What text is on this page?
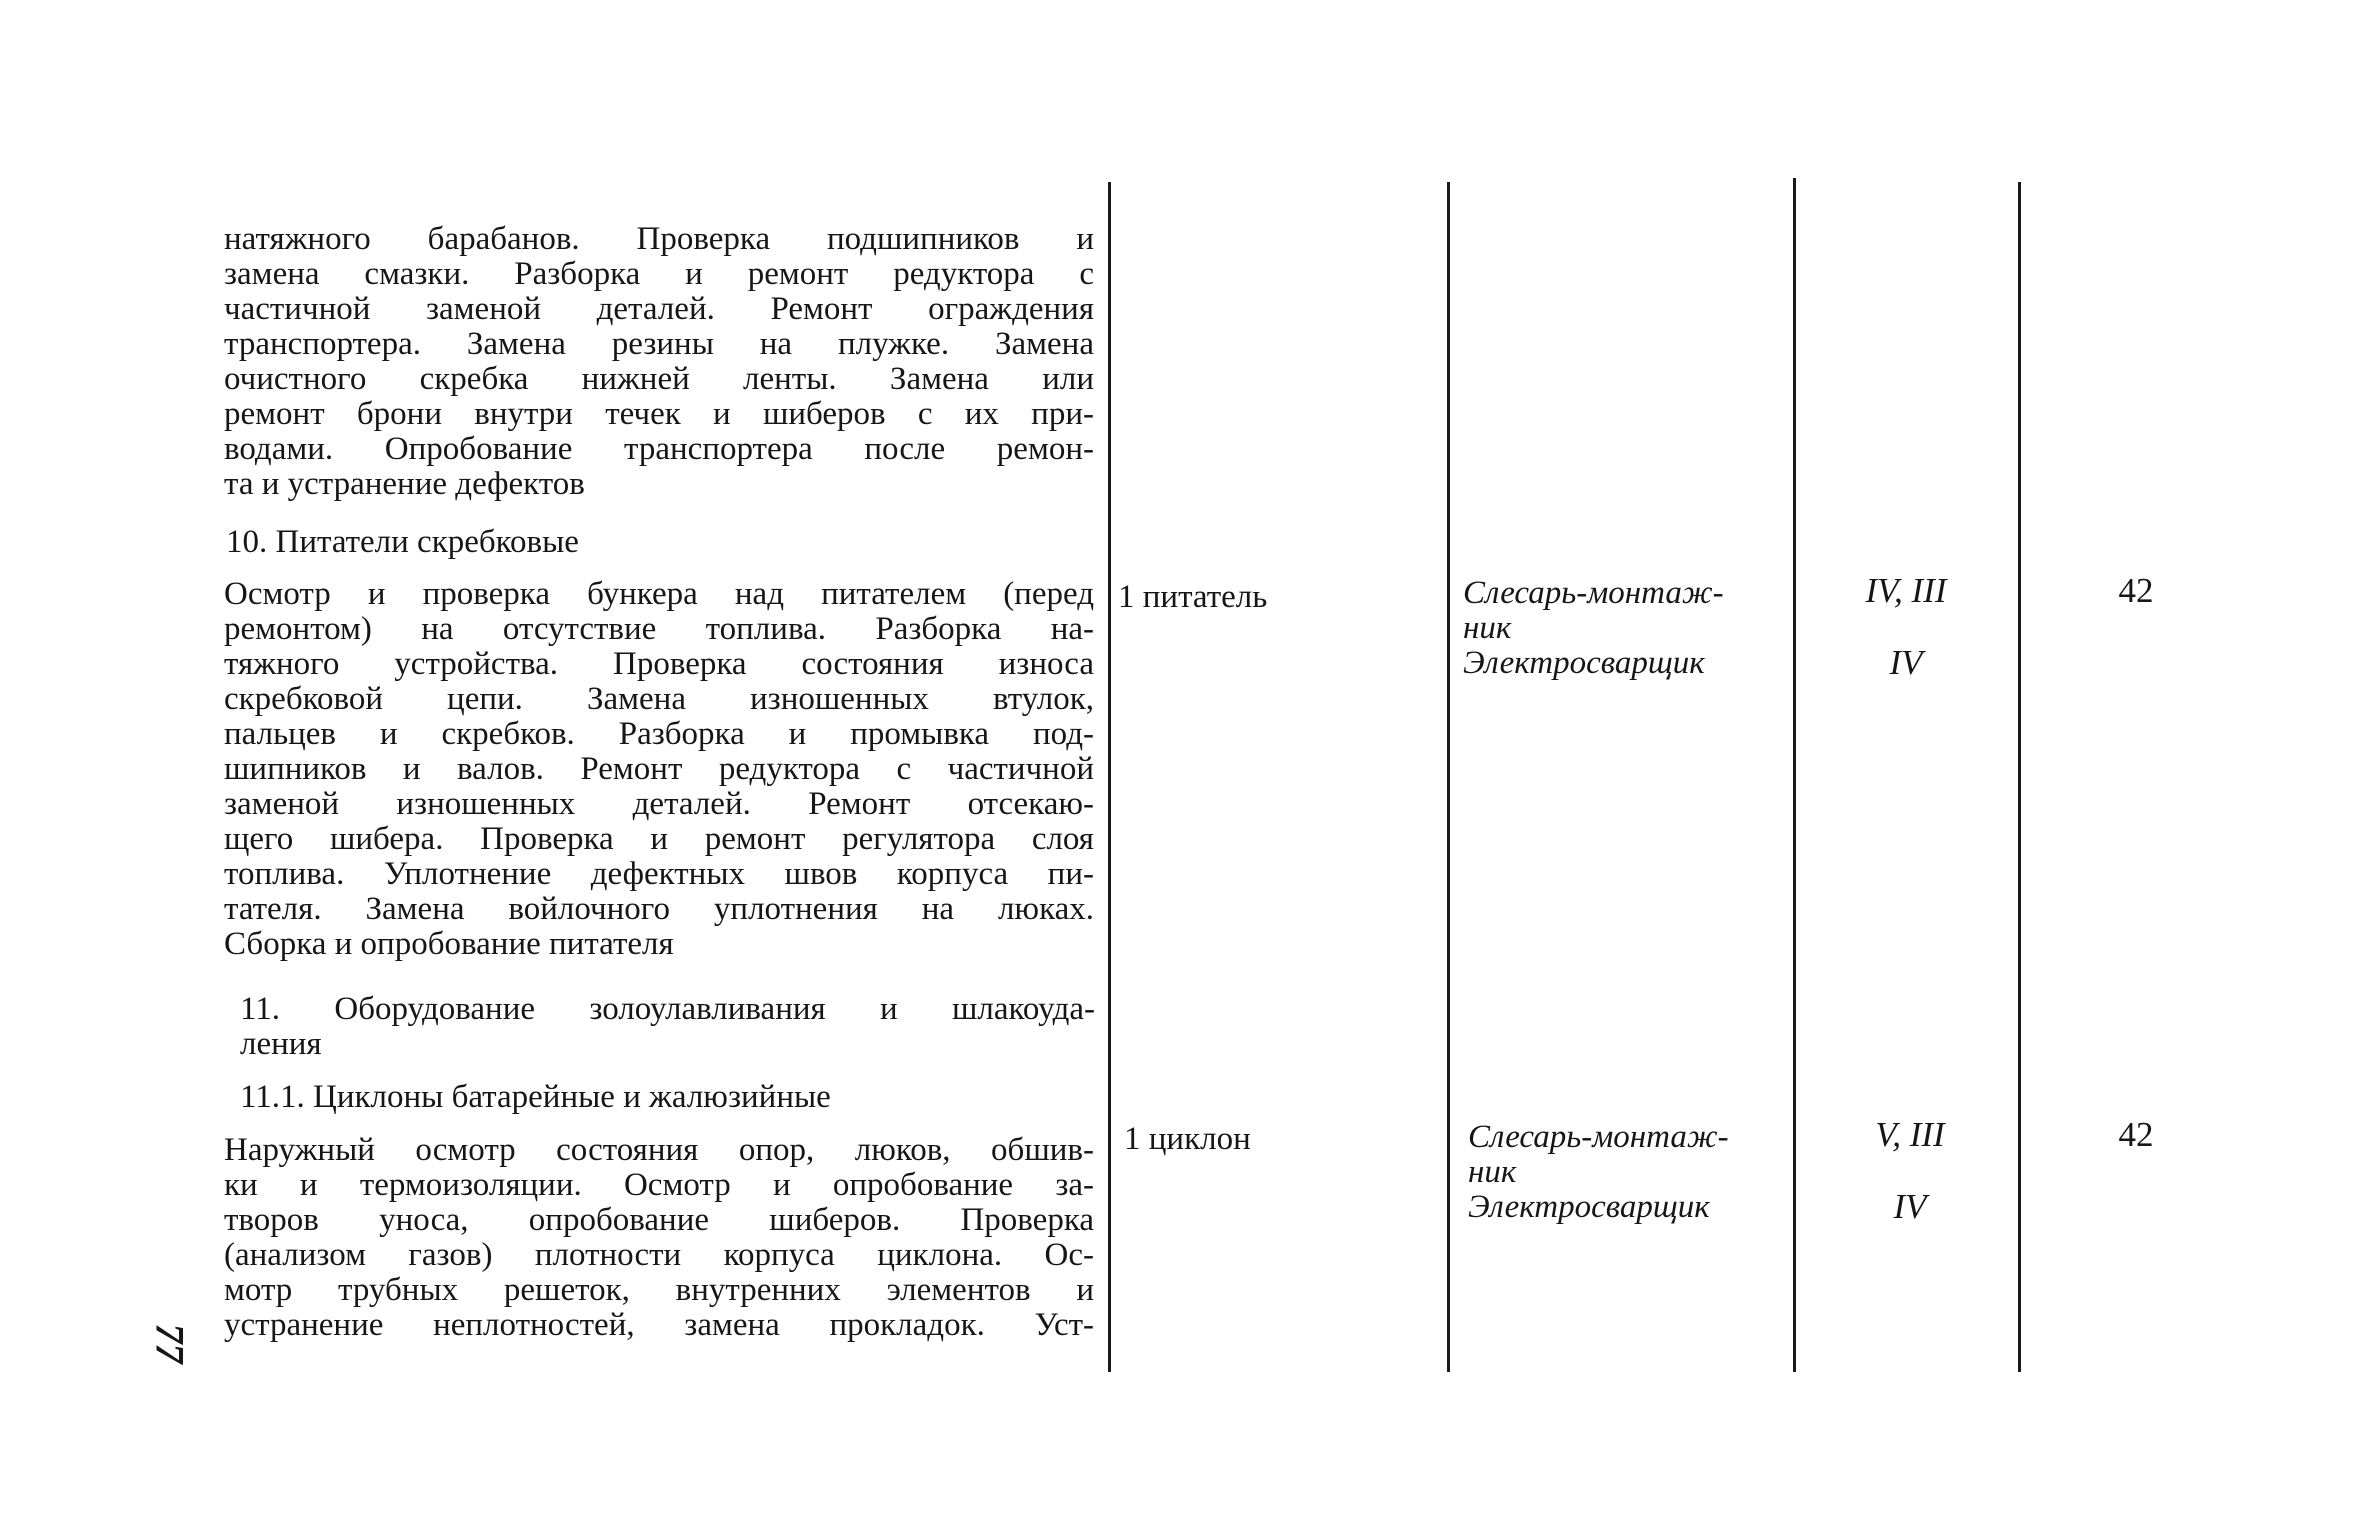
натяжного барабанов. Проверка подшипников и

замена смазки. Разборка и ремонт редуктора с

частичной заменой деталей. Ремонт ограждения

транспортера. Замена резины на плужке. Замена

очистного скребка нижней ленты. Замена или

ремонт брони внутри течек и шиберов с их при-

водами. Опробование транспортера после ремон-

та и устранение дефектов

10. Питатели скребковые

Осмотр и проверка бункера над питателем (перед

ремонтом) на отсутствие топлива. Разборка на-

тяжного устройства. Проверка состояния износа

скребковой цепи. Замена изношенных втулок,

пальцев и скребков. Разборка и промывка под-

шипников и валов. Ремонт редуктора с частичной

заменой изношенных деталей. Ремонт отсекаю-

щего шибера. Проверка и ремонт регулятора слоя

топлива. Уплотнение дефектных швов корпуса пи-

тателя. Замена войлочного уплотнения на люках.

Сборка и опробование питателя

1 питатель	Слесарь-монтаж-
ник
Электросварщик
IV, III
IV
42

11. Оборудование золоулавливания и шлакоуда-

ления

11.1. Циклоны батарейные и жалюзийные

Наружный осмотр состояния опор, люков, обшив-

ки и термоизоляции. Осмотр и опробование за-

творов уноса, опробование шиберов. Проверка

(анализом газов) плотности корпуса циклона. Ос-

мотр трубных решеток, внутренних элементов и

устранение неплотностей, замена прокладок. Уст-

1 циклон	Слесарь-монтаж-
ник
Электросварщик
V, III
IV
42
77
